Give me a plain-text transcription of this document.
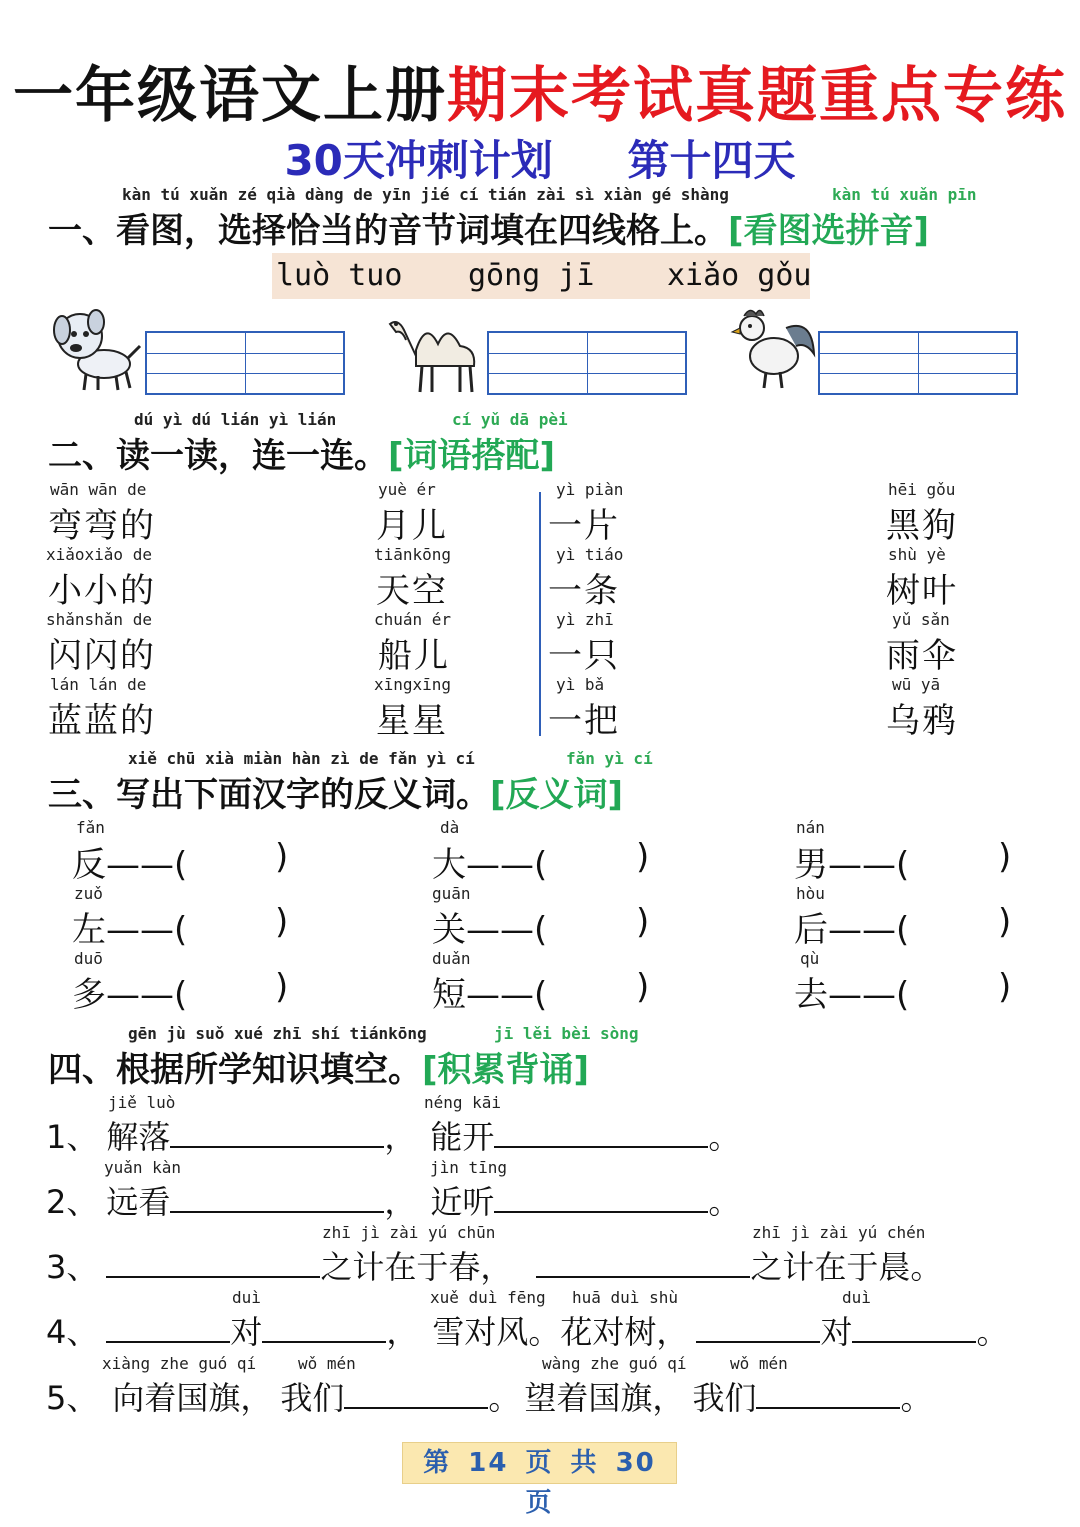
一年级语文上册期末考试真题重点专练
30天冲刺计划 第十四天
kàn tú xuǎn zé qià dàng de yīn jié cí tián zài sì xiàn gé shàng	kàn tú xuǎn pīn
一、看图，选择恰当的音节词填在四线格上。[看图选拼音]
luò tuo gōng jī xiǎo gǒu
dú yì dú lián yì lián	cí yǔ dā pèi
二、读一读，连一连。[词语搭配]
wān wān de
弯弯的
xiǎoxiǎo de
小小的
shǎnshǎn de
闪闪的
lán lán de
蓝蓝的
yuè ér
月儿
tiānkōng
天空
chuán ér
船儿
xīngxīng
星星
yì piàn
一片
yì tiáo
一条
yì zhī
一只
yì bǎ
一把
hēi gǒu
黑狗
shù yè
树叶
yǔ sǎn
雨伞
wū yā
乌鸦
xiě chū xià miàn hàn zì de fǎn yì cí	fǎn yì cí
三、写出下面汉字的反义词。[反义词]
fǎn
反——(	)
dà
大——(	)
nán
男——(	)
zuǒ
左——(	)
guān
关——(	)
hòu
后——(	)
duō
多——(	)
duǎn
短——(	)
qù
去——(	)
gēn jù suǒ xué zhī shí tiánkōng	jī lěi bèi sòng
四、根据所学知识填空。[积累背诵]
jiě luò	néng kāi
1、 解落	， 能开	。
yuǎn kàn	jìn tīng
2、 远看	， 近听	。
zhī jì zài yú chūn	zhī jì zài yú chén
3、	之计在于春，	之计在于晨。
duì	xuě duì fēng huā duì shù	duì
4、	对	， 雪对风。花对树，	对	。
xiàng zhe guó qí	wǒ mén	wàng zhe guó qí	wǒ mén
5、 向着国旗， 我们	。 望着国旗， 我们	。
第 14 页 共 30 页
